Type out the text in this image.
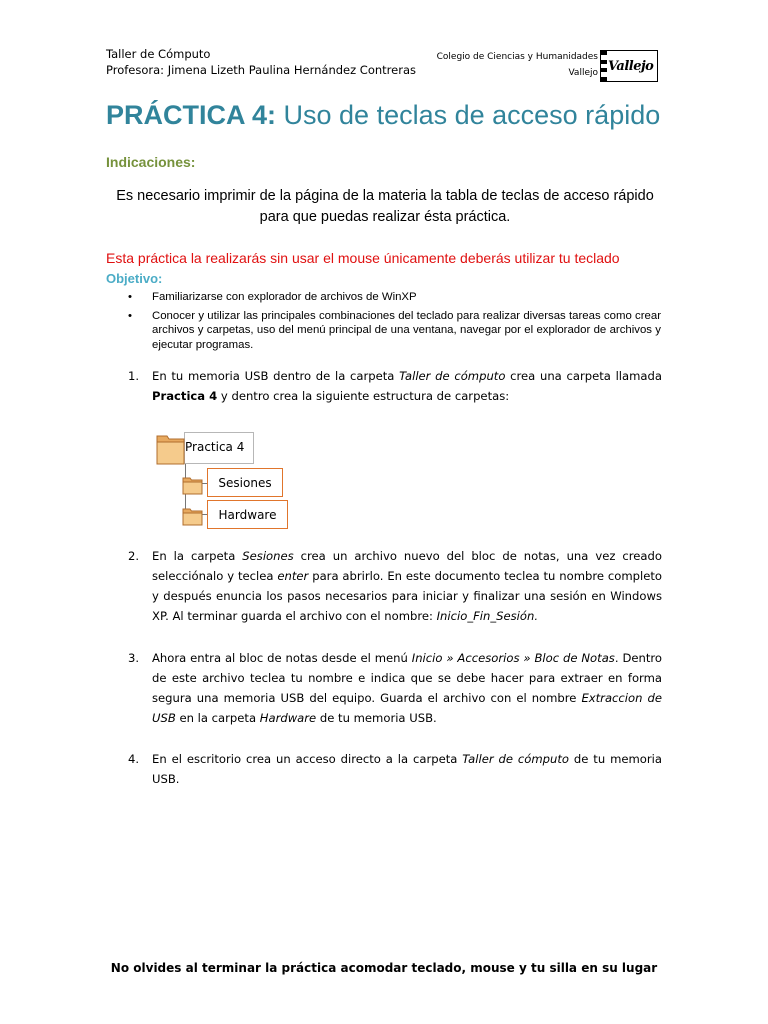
Taller de Cómputo
Profesora: Jimena Lizeth Paulina Hernández Contreras
Colegio de Ciencias y Humanidades
Vallejo Vallejo
PRÁCTICA 4: Uso de teclas de acceso rápido
Indicaciones:
Es necesario imprimir de la página de la materia la tabla de teclas de acceso rápido para que puedas realizar ésta práctica.
Esta práctica la realizarás sin usar el mouse únicamente deberás utilizar tu teclado
Objetivo:
• Familiarizarse con explorador de archivos de WinXP
• Conocer y utilizar las principales combinaciones del teclado para realizar diversas tareas como crear archivos y carpetas, uso del menú principal de una ventana, navegar por el explorador de archivos y ejecutar programas.
1. En tu memoria USB dentro de la carpeta Taller de cómputo crea una carpeta llamada Practica 4 y dentro crea la siguiente estructura de carpetas:
2. En la carpeta Sesiones crea un archivo nuevo del bloc de notas, una vez creado selecciónalo y teclea enter para abrirlo. En este documento teclea tu nombre completo y después enuncia los pasos necesarios para iniciar y finalizar una sesión en Windows XP. Al terminar guarda el archivo con el nombre: Inicio_Fin_Sesión.
3. Ahora entra al bloc de notas desde el menú Inicio » Accesorios » Bloc de Notas. Dentro de este archivo teclea tu nombre e indica que se debe hacer para extraer en forma segura una memoria USB del equipo. Guarda el archivo con el nombre Extraccion de USB en la carpeta Hardware de tu memoria USB.
4. En el escritorio crea un acceso directo a la carpeta Taller de cómputo de tu memoria USB.
Practica 4
Sesiones
Hardware
No olvides al terminar la práctica acomodar teclado, mouse y tu silla en su lugar
